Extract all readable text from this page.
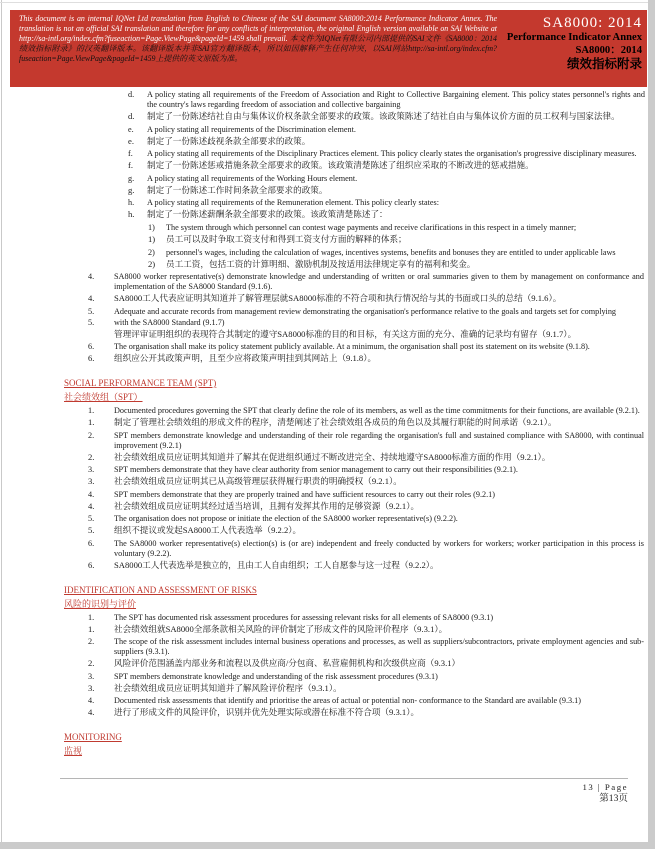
This document is an internal IQNet Ltd translation from English to Chinese of the SAI document SA8000:2014 Performance Indicator Annex. The translation is not an official SAI translation and therefore for any conflicts of interpretation, the original English version available on SAI Website at http://sa-intl.org/index.cfm?fuseaction=Page.ViewPage&pageId=1459 shall prevail. 本文件为IQNet有限公司内部提供的SAI文件《SA8000：2014绩效指标附录》的汉英翻译版本。该翻译版本并非SAI官方翻译版本，所以如因解释产生任何冲突，以SAI网站http://sa-intl.org/index.cfm?fuseaction=Page.ViewPage&pageId=1459上提供的英文原版为准。
SA8000: 2014
Performance Indicator Annex
SA8000：2014
绩效指标附录
d.	A policy stating all requirements of the Freedom of Association and Right to Collective Bargaining element. This policy states personnel's rights and the country's laws regarding freedom of association and collective bargaining
d.	制定了一份陈述结社自由与集体议价权条款全部要求的政策。该政策陈述了结社自由与集体议价方面的员工权利与国家法律。
e.	A policy stating all requirements of the Discrimination element.
e.	制定了一份陈述歧视条款全部要求的政策。
f.	A policy stating all requirements of the Disciplinary Practices element. This policy clearly states the organisation's progressive disciplinary measures.
f.	制定了一份陈述惩戒措施条款全部要求的政策。该政策清楚陈述了组织应采取的不断改进的惩戒措施。
g.	A policy stating all requirements of the Working Hours element.
g.	制定了一份陈述工作时间条款全部要求的政策。
h.	A policy stating all requirements of the Remuneration element. This policy clearly states:
h.	制定了一份陈述薪酬条款全部要求的政策。该政策清楚陈述了：
1)	The system through which personnel can contest wage payments and receive clarifications in this respect in a timely manner;
1)	员工可以及时争取工资支付和得到工资支付方面的解释的体系；
2)	personnel's wages, including the calculation of wages, incentives systems, benefits and bonuses they are entitled to under applicable laws
2)	员工工资，包括工资的计算明细、激励机制及按适用法律规定享有的福利和奖金。
4.	SA8000 worker representative(s) demonstrate knowledge and understanding of written or oral summaries given to them by management on conformance and implementation of the SA8000 Standard (9.1.6).
4.	SA8000工人代表应证明其知道并了解管理层就SA8000标准的不符合项和执行情况给与其的书面或口头的总结（9.1.6）。
5.	Adequate and accurate records from management review demonstrating the organisation's performance relative to the goals and targets set for complying
5.	with the SA8000 Standard (9.1.7)
管理评审证明组织的表现符合其制定的遵守SA8000标准的目的和目标，有关这方面的充分、准确的记录均有留存（9.1.7）。
6.	The organisation shall make its policy statement publicly available. At a minimum, the organisation shall post its statement on its website (9.1.8).
6.	组织应公开其政策声明，且至少应将政策声明挂到其网站上（9.1.8）。
SOCIAL PERFORMANCE TEAM (SPT)
社会绩效组（SPT）
1.	Documented procedures governing the SPT that clearly define the role of its members, as well as the time commitments for their functions, are available (9.2.1).
1.	制定了管理社会绩效组的形成文件的程序，清楚阐述了社会绩效组各成员的角色以及其履行职能的时间承诺（9.2.1）。
2.	SPT members demonstrate knowledge and understanding of their role regarding the organisation's full and sustained compliance with SA8000, with continual improvement (9.2.1)
2.	社会绩效组成员应证明其知道并了解其在促进组织通过不断改进完全、持续地遵守SA8000标准方面的作用（9.2.1）。
3.	SPT members demonstrate that they have clear authority from senior management to carry out their responsibilities (9.2.1).
3.	社会绩效组成员应证明其已从高级管理层获得履行职责的明确授权（9.2.1）。
4.	SPT members demonstrate that they are properly trained and have sufficient resources to carry out their roles (9.2.1)
4.	社会绩效组成员应证明其经过适当培训，且拥有发挥其作用的足够资源（9.2.1）。
5.	The organisation does not propose or initiate the election of the SA8000 worker representative(s) (9.2.2).
5.	组织不提议或发起SA8000工人代表选举（9.2.2）。
6.	The SA8000 worker representative(s) election(s) is (or are) independent and freely conducted by workers for workers; worker participation in this process is voluntary (9.2.2).
6.	SA8000工人代表选举是独立的，且由工人自由组织；工人自愿参与这一过程（9.2.2）。
IDENTIFICATION AND ASSESSMENT OF RISKS
风险的识别与评价
1.	The SPT has documented risk assessment procedures for assessing relevant risks for all elements of SA8000 (9.3.1)
1.	社会绩效组就SA8000全部条款相关风险的评价制定了形成文件的风险评价程序（9.3.1）。
2.	The scope of the risk assessment includes internal business operations and processes, as well as suppliers/subcontractors, private employment agencies and sub- suppliers (9.3.1).
2.	风险评价范围涵盖内部业务和流程以及供应商/分包商、私营雇佣机构和次级供应商（9.3.1）
3.	SPT members demonstrate knowledge and understanding of the risk assessment procedures (9.3.1)
3.	社会绩效组成员应证明其知道并了解风险评价程序（9.3.1）。
4.	Documented risk assessments that identify and prioritise the areas of actual or potential non- conformance to the Standard are available (9.3.1)
4.	进行了形成文件的风险评价，识别并优先处理实际或潜在标准不符合项（9.3.1）。
MONITORING
监视
13 | Page
第13页
